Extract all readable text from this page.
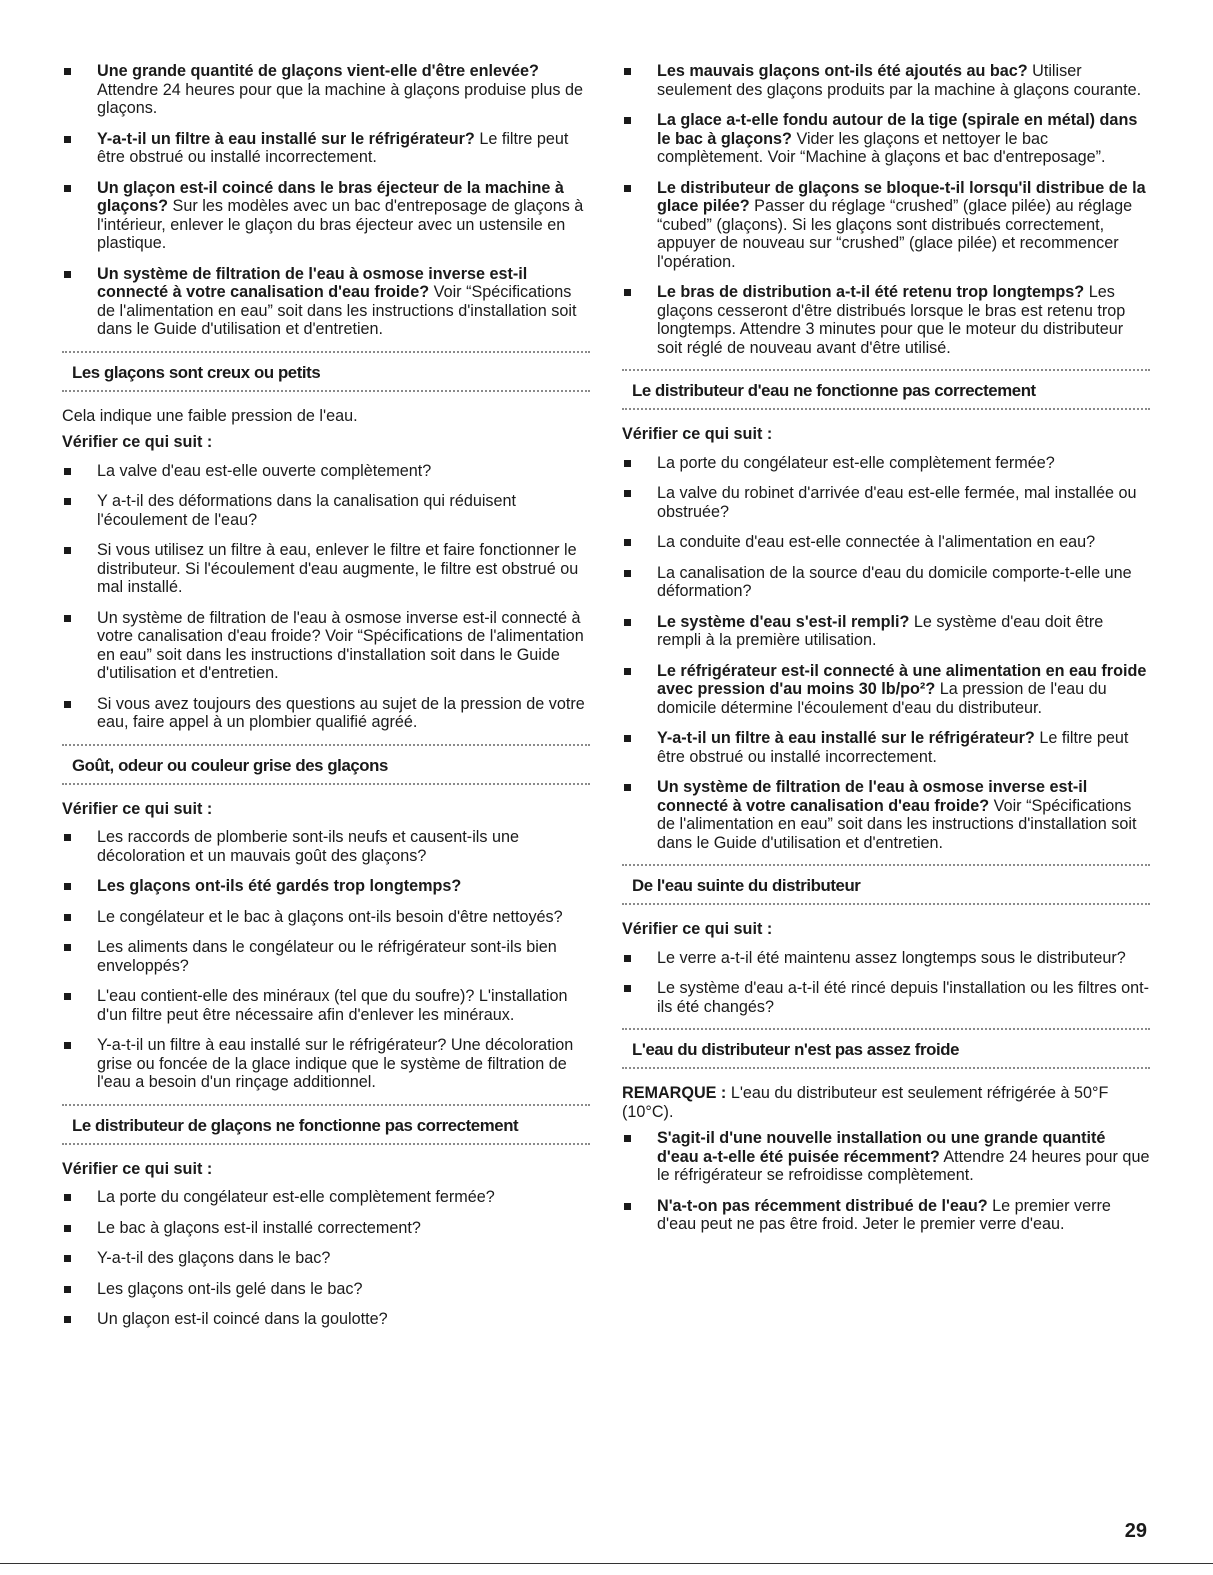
Une grande quantité de glaçons vient-elle d'être enlevée? Attendre 24 heures pour que la machine à glaçons produise plus de glaçons.
Y-a-t-il un filtre à eau installé sur le réfrigérateur? Le filtre peut être obstrué ou installé incorrectement.
Un glaçon est-il coincé dans le bras éjecteur de la machine à glaçons? Sur les modèles avec un bac d'entreposage de glaçons à l'intérieur, enlever le glaçon du bras éjecteur avec un ustensile en plastique.
Un système de filtration de l'eau à osmose inverse est-il connecté à votre canalisation d'eau froide? Voir “Spécifications de l'alimentation en eau” soit dans les instructions d'installation soit dans le Guide d'utilisation et d'entretien.
Les glaçons sont creux ou petits
Cela indique une faible pression de l'eau.
Vérifier ce qui suit :
La valve d'eau est-elle ouverte complètement?
Y a-t-il des déformations dans la canalisation qui réduisent l'écoulement de l'eau?
Si vous utilisez un filtre à eau, enlever le filtre et faire fonctionner le distributeur. Si l'écoulement d'eau augmente, le filtre est obstrué ou mal installé.
Un système de filtration de l'eau à osmose inverse est-il connecté à votre canalisation d'eau froide? Voir “Spécifications de l'alimentation en eau” soit dans les instructions d'installation soit dans le Guide d'utilisation et d'entretien.
Si vous avez toujours des questions au sujet de la pression de votre eau, faire appel à un plombier qualifié agréé.
Goût, odeur ou couleur grise des glaçons
Vérifier ce qui suit :
Les raccords de plomberie sont-ils neufs et causent-ils une décoloration et un mauvais goût des glaçons?
Les glaçons ont-ils été gardés trop longtemps?
Le congélateur et le bac à glaçons ont-ils besoin d'être nettoyés?
Les aliments dans le congélateur ou le réfrigérateur sont-ils bien enveloppés?
L'eau contient-elle des minéraux (tel que du soufre)? L'installation d'un filtre peut être nécessaire afin d'enlever les minéraux.
Y-a-t-il un filtre à eau installé sur le réfrigérateur? Une décoloration grise ou foncée de la glace indique que le système de filtration de l'eau a besoin d'un rinçage additionnel.
Le distributeur de glaçons ne fonctionne pas correctement
Vérifier ce qui suit :
La porte du congélateur est-elle complètement fermée?
Le bac à glaçons est-il installé correctement?
Y-a-t-il des glaçons dans le bac?
Les glaçons ont-ils gelé dans le bac?
Un glaçon est-il coincé dans la goulotte?
Les mauvais glaçons ont-ils été ajoutés au bac? Utiliser seulement des glaçons produits par la machine à glaçons courante.
La glace a-t-elle fondu autour de la tige (spirale en métal) dans le bac à glaçons? Vider les glaçons et nettoyer le bac complètement. Voir “Machine à glaçons et bac d'entreposage”.
Le distributeur de glaçons se bloque-t-il lorsqu'il distribue de la glace pilée? Passer du réglage “crushed” (glace pilée) au réglage “cubed” (glaçons). Si les glaçons sont distribués correctement, appuyer de nouveau sur “crushed” (glace pilée) et recommencer l'opération.
Le bras de distribution a-t-il été retenu trop longtemps? Les glaçons cesseront d'être distribués lorsque le bras est retenu trop longtemps. Attendre 3 minutes pour que le moteur du distributeur soit réglé de nouveau avant d'être utilisé.
Le distributeur d'eau ne fonctionne pas correctement
Vérifier ce qui suit :
La porte du congélateur est-elle complètement fermée?
La valve du robinet d'arrivée d'eau est-elle fermée, mal installée ou obstruée?
La conduite d'eau est-elle connectée à l'alimentation en eau?
La canalisation de la source d'eau du domicile comporte-t-elle une déformation?
Le système d'eau s'est-il rempli? Le système d'eau doit être rempli à la première utilisation.
Le réfrigérateur est-il connecté à une alimentation en eau froide avec pression d'au moins 30 lb/po²? La pression de l'eau du domicile détermine l'écoulement d'eau du distributeur.
Y-a-t-il un filtre à eau installé sur le réfrigérateur? Le filtre peut être obstrué ou installé incorrectement.
Un système de filtration de l'eau à osmose inverse est-il connecté à votre canalisation d'eau froide? Voir “Spécifications de l'alimentation en eau” soit dans les instructions d'installation soit dans le Guide d'utilisation et d'entretien.
De l'eau suinte du distributeur
Vérifier ce qui suit :
Le verre a-t-il été maintenu assez longtemps sous le distributeur?
Le système d'eau a-t-il été rincé depuis l'installation ou les filtres ont-ils été changés?
L'eau du distributeur n'est pas assez froide
REMARQUE : L'eau du distributeur est seulement réfrigérée à 50°F (10°C).
S'agit-il d'une nouvelle installation ou une grande quantité d'eau a-t-elle été puisée récemment? Attendre 24 heures pour que le réfrigérateur se refroidisse complètement.
N'a-t-on pas récemment distribué de l'eau? Le premier verre d'eau peut ne pas être froid. Jeter le premier verre d'eau.
29
